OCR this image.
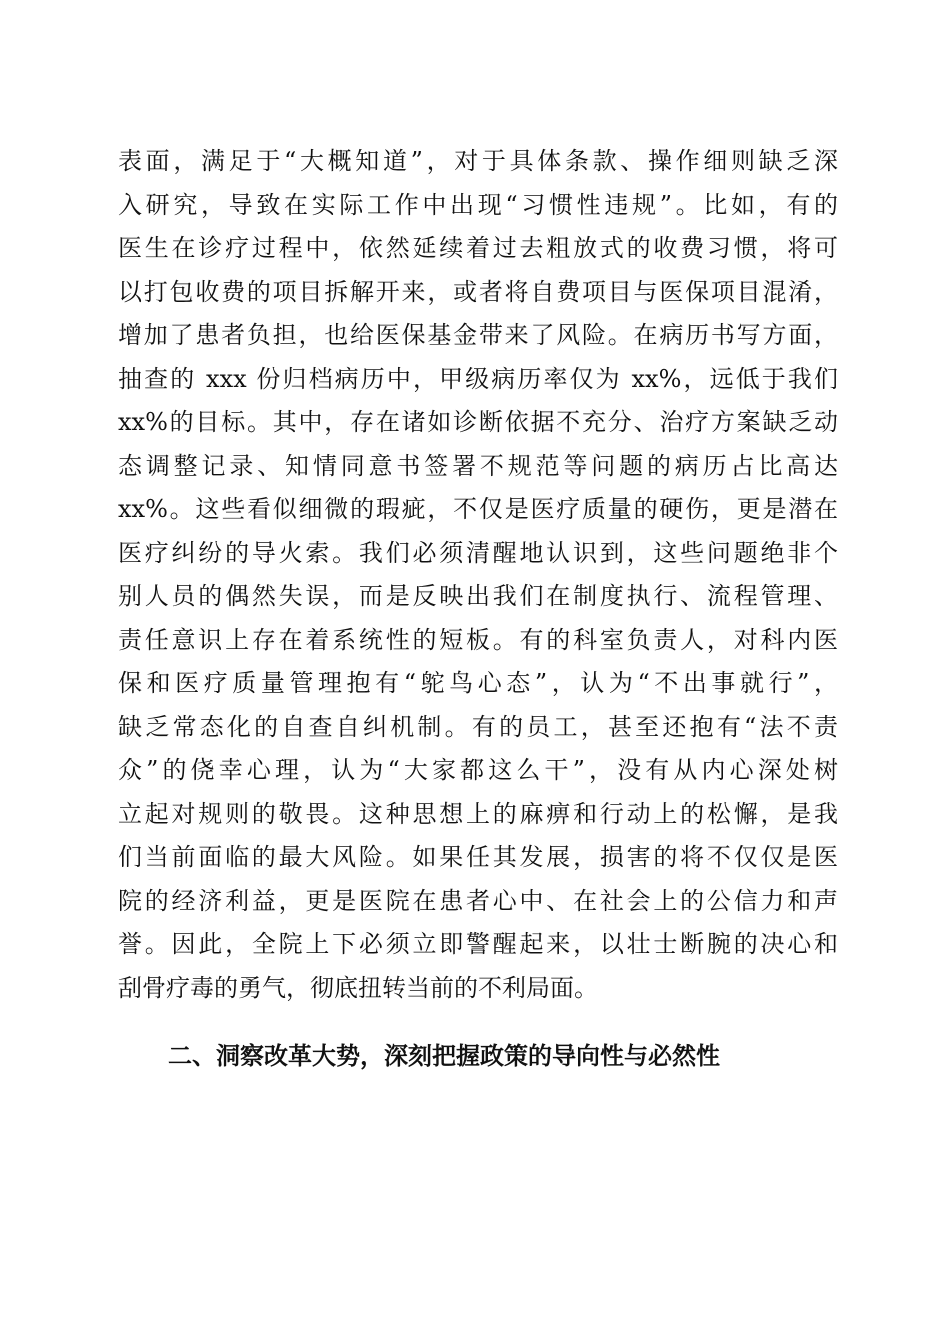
表面，满足于“大概知道”，对于具体条款、操作细则缺乏深
入研究，导致在实际工作中出现“习惯性违规”。比如，有的
医生在诊疗过程中，依然延续着过去粗放式的收费习惯，将可
以打包收费的项目拆解开来，或者将自费项目与医保项目混淆，
增加了患者负担，也给医保基金带来了风险。在病历书写方面，
抽查的 xxx 份归档病历中，甲级病历率仅为 xx%，远低于我们
xx%的目标。其中，存在诸如诊断依据不充分、治疗方案缺乏动
态调整记录、知情同意书签署不规范等问题的病历占比高达
xx%。这些看似细微的瑕疵，不仅是医疗质量的硬伤，更是潜在
医疗纠纷的导火索。我们必须清醒地认识到，这些问题绝非个
别人员的偶然失误，而是反映出我们在制度执行、流程管理、
责任意识上存在着系统性的短板。有的科室负责人，对科内医
保和医疗质量管理抱有“鸵鸟心态”，认为“不出事就行”，
缺乏常态化的自查自纠机制。有的员工，甚至还抱有“法不责
众”的侥幸心理，认为“大家都这么干”，没有从内心深处树
立起对规则的敬畏。这种思想上的麻痹和行动上的松懈，是我
们当前面临的最大风险。如果任其发展，损害的将不仅仅是医
院的经济利益，更是医院在患者心中、在社会上的公信力和声
誉。因此，全院上下必须立即警醒起来，以壮士断腕的决心和
刮骨疗毒的勇气，彻底扭转当前的不利局面。
二、洞察改革大势，深刻把握政策的导向性与必然性
